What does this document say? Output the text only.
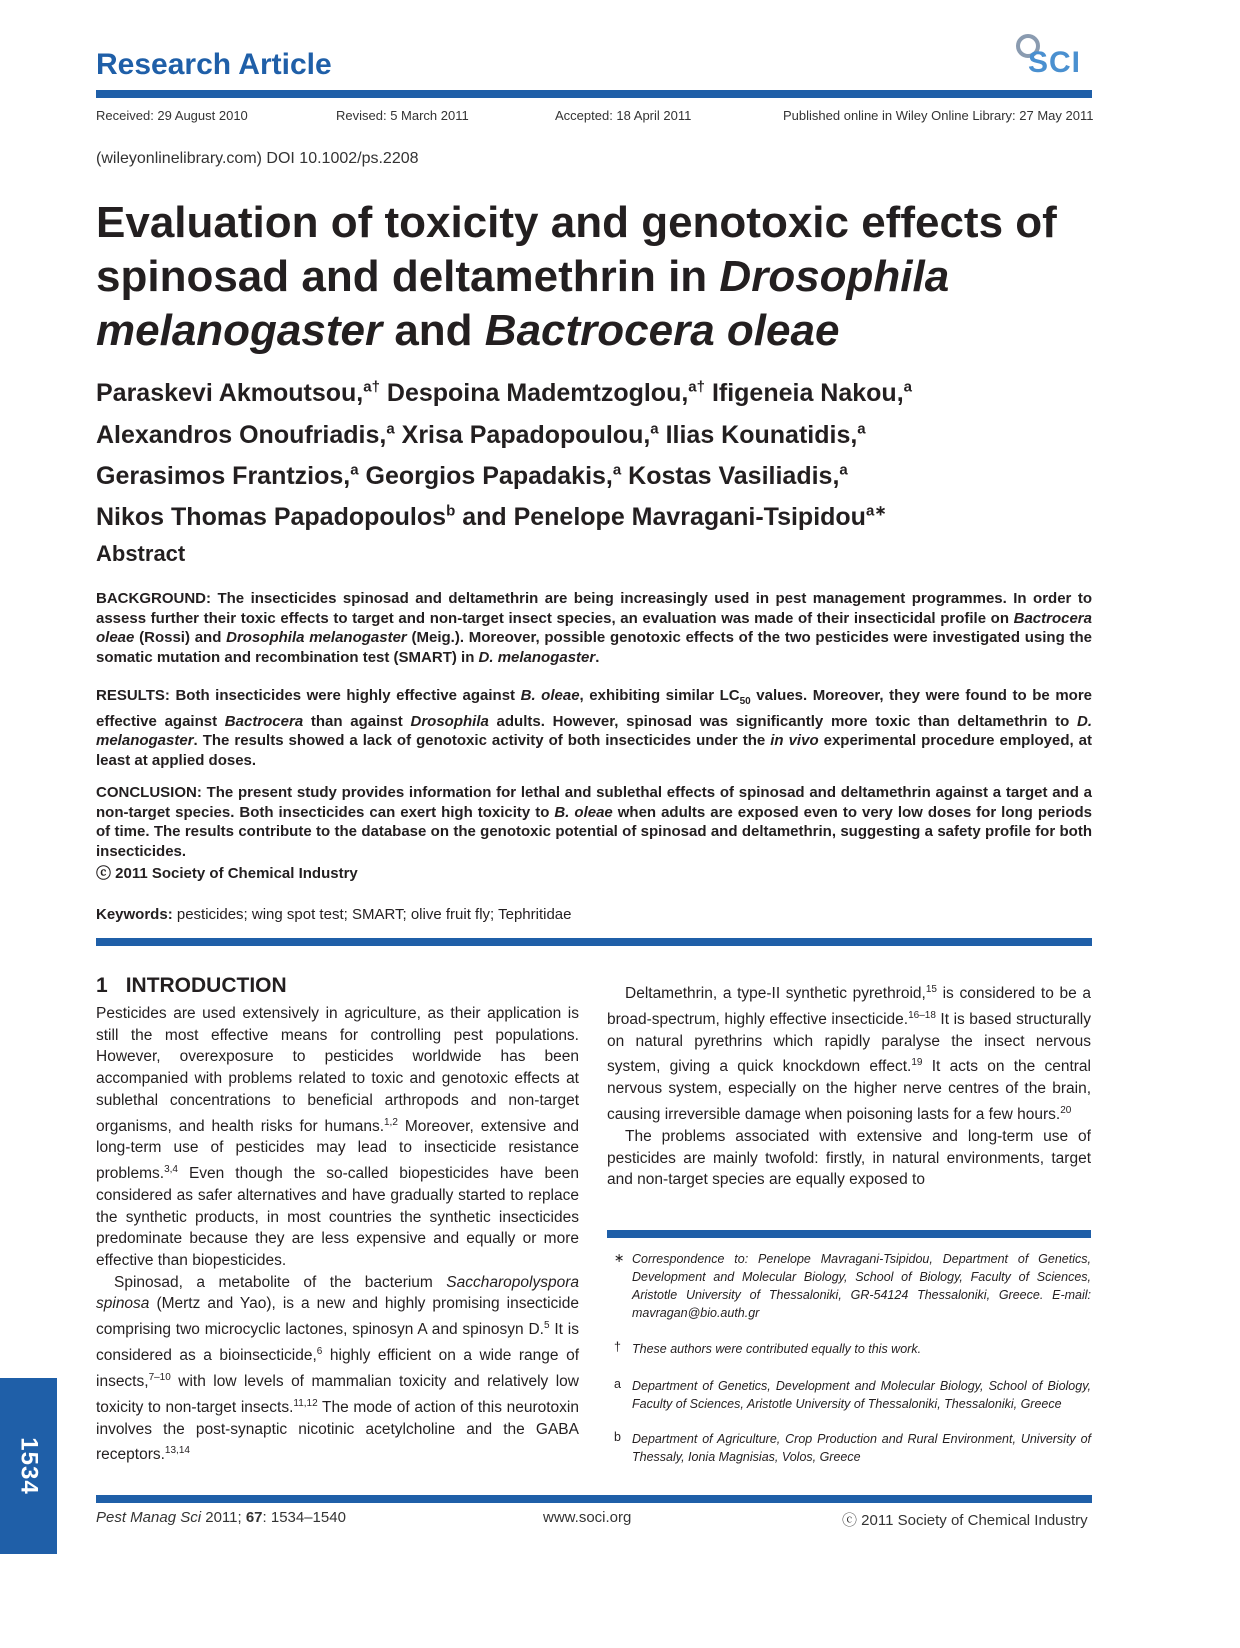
Research Article	SCI
Received: 29 August 2010	Revised: 5 March 2011	Accepted: 18 April 2011	Published online in Wiley Online Library: 27 May 2011
(wileyonlinelibrary.com) DOI 10.1002/ps.2208
Evaluation of toxicity and genotoxic effects of spinosad and deltamethrin in Drosophila melanogaster and Bactrocera oleae
Paraskevi Akmoutsou,$^{a\dagger}$ Despoina Mademtzoglou,$^{a\dagger}$ Ifigeneia Nakou,$^a$
Alexandros Onoufriadis,$^a$ Xrisa Papadopoulou,$^a$ Ilias Kounatidis,$^a$
Gerasimos Frantzios,$^a$ Georgios Papadakis,$^a$ Kostas Vasiliadis,$^a$
Nikos Thomas Papadopoulos$^b$ and Penelope Mavragani-Tsipidou$^{a∗}$
Abstract
BACKGROUND: The insecticides spinosad and deltamethrin are being increasingly used in pest management programmes. In order to assess further their toxic effects to target and non-target insect species, an evaluation was made of their insecticidal profile on Bactrocera oleae (Rossi) and Drosophila melanogaster (Meig.). Moreover, possible genotoxic effects of the two pesticides were investigated using the somatic mutation and recombination test (SMART) in D. melanogaster.
RESULTS: Both insecticides were highly effective against B. oleae, exhibiting similar $LC_{50}$ values. Moreover, they were found to be more effective against Bactrocera than against Drosophila adults. However, spinosad was significantly more toxic than deltamethrin to D. melanogaster. The results showed a lack of genotoxic activity of both insecticides under the in vivo experimental procedure employed, at least at applied doses.
CONCLUSION: The present study provides information for lethal and sublethal effects of spinosad and deltamethrin against a target and a non-target species. Both insecticides can exert high toxicity to B. oleae when adults are exposed even to very low doses for long periods of time. The results contribute to the database on the genotoxic potential of spinosad and deltamethrin, suggesting a safety profile for both insecticides.
ⓒ 2011 Society of Chemical Industry
Keywords: pesticides; wing spot test; SMART; olive fruit fly; Tephritidae
1 INTRODUCTION

Pesticides are used extensively in agriculture, as their application is still the most effective means for controlling pest populations. However, overexposure to pesticides worldwide has been accompanied with problems related to toxic and genotoxic effects at sublethal concentrations to beneficial arthropods and non-target organisms, and health risks for humans.$^{1,2}$ Moreover, extensive and long-term use of pesticides may lead to insecticide resistance problems.$^{3,4}$ Even though the so-called biopesticides have been considered as safer alternatives and have gradually started to replace the synthetic products, in most countries the synthetic insecticides predominate because they are less expensive and equally or more effective than biopesticides.

Spinosad, a metabolite of the bacterium Saccharopolyspora spinosa (Mertz and Yao), is a new and highly promising insecticide comprising two microcyclic lactones, spinosyn A and spinosyn D.$^5$ It is considered as a bioinsecticide,$^6$ highly efficient on a wide range of insects,$^{7-10}$ with low levels of mammalian toxicity and relatively low toxicity to non-target insects.$^{11,12}$ The mode of action of this neurotoxin involves the post-synaptic nicotinic acetylcholine and the GABA receptors.$^{13,14}$

Deltamethrin, a type-II synthetic pyrethroid,$^{15}$ is considered to be a broad-spectrum, highly effective insecticide.$^{16-18}$ It is based structurally on natural pyrethrins which rapidly paralyse the insect nervous system, giving a quick knockdown effect.$^{19}$ It acts on the central nervous system, especially on the higher nerve centres of the brain, causing irreversible damage when poisoning lasts for a few hours.$^{20}$

The problems associated with extensive and long-term use of pesticides are mainly twofold: firstly, in natural environments, target and non-target species are equally exposed to

∗ Correspondence to: Penelope Mavragani-Tsipidou, Department of Genetics, Development and Molecular Biology, School of Biology, Faculty of Sciences, Aristotle University of Thessaloniki, GR-54124 Thessaloniki, Greece. E-mail: mavragan@bio.auth.gr
† These authors were contributed equally to this work.
a Department of Genetics, Development and Molecular Biology, School of Biology, Faculty of Sciences, Aristotle University of Thessaloniki, Thessaloniki, Greece
b Department of Agriculture, Crop Production and Rural Environment, University of Thessaly, Ionia Magnisias, Volos, Greece
1534
Pest Manag Sci 2011; 67: 1534–1540	www.soci.org	ⓒ 2011 Society of Chemical Industry
